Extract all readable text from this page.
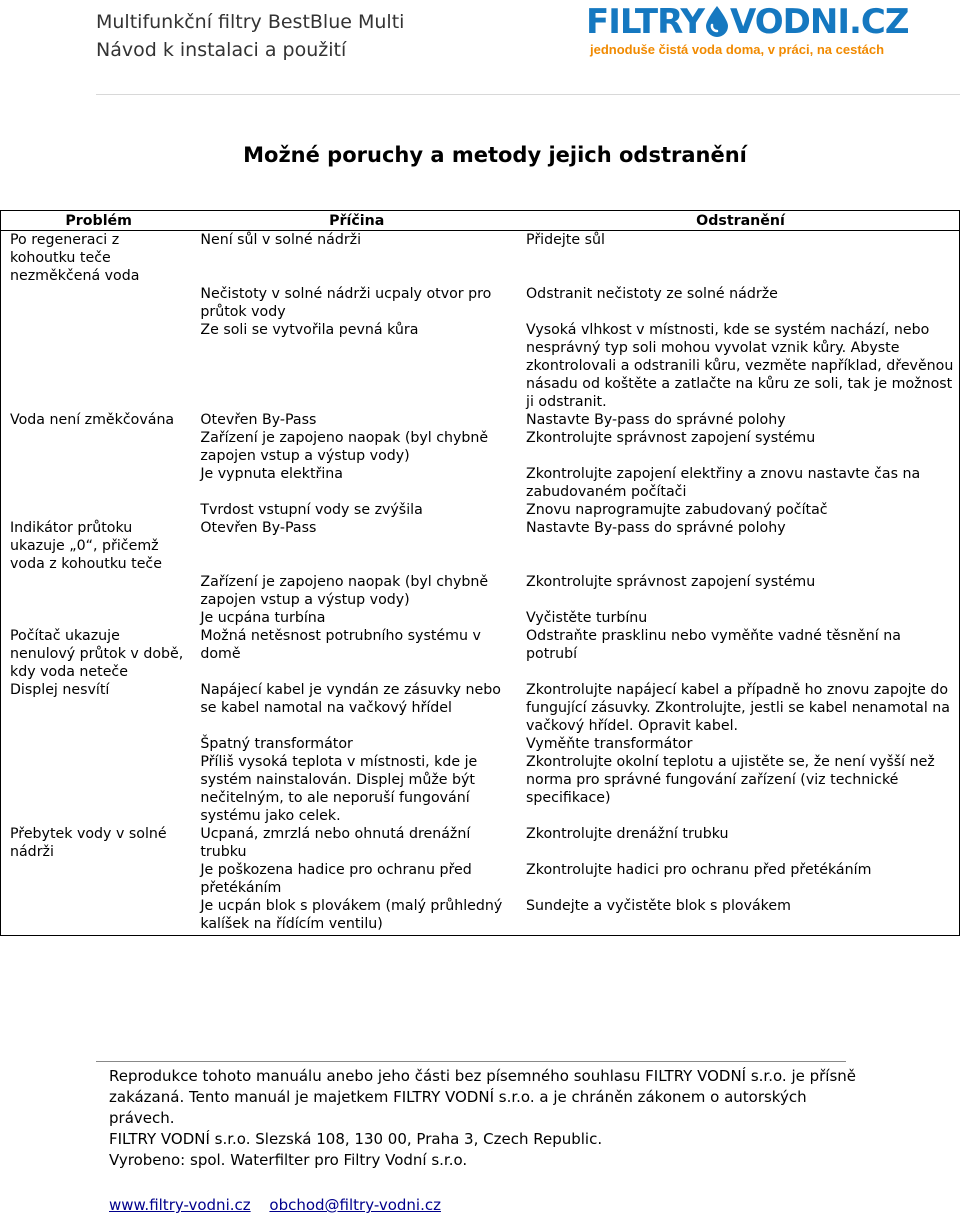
Multifunkční filtry BestBlue Multi
Návod k instalaci a použití
FILTRY VODNI.CZ
jednoduše čistá voda doma, v práci, na cestách
Možné poruchy a metody jejich odstranění
Problém	Příčina	Odstranění
Po regeneraci z kohoutku teče nezměkčená voda	Není sůl v solné nádrži	Přidejte sůl
	Nečistoty v solné nádrži ucpaly otvor pro průtok vody	Odstranit nečistoty ze solné nádrže
	Ze soli se vytvořila pevná kůra	Vysoká vlhkost v místnosti, kde se systém nachází, nebo nesprávný typ soli mohou vyvolat vznik kůry. Abyste zkontrolovali a odstranili kůru, vezměte například, dřevěnou násadu od koštěte a zatlačte na kůru ze soli, tak je možnost ji odstranit.
Voda není změkčována	Otevřen By-Pass	Nastavte By-pass do správné polohy
	Zařízení je zapojeno naopak (byl chybně zapojen vstup a výstup vody)	Zkontrolujte správnost zapojení systému
	Je vypnuta elektřina	Zkontrolujte zapojení elektřiny a znovu nastavte čas na zabudovaném počítači
	Tvrdost vstupní vody se zvýšila	Znovu naprogramujte zabudovaný počítač
Indikátor průtoku ukazuje „0“, přičemž voda z kohoutku teče	Otevřen By-Pass	Nastavte By-pass do správné polohy
	Zařízení je zapojeno naopak (byl chybně zapojen vstup a výstup vody)	Zkontrolujte správnost zapojení systému
	Je ucpána turbína	Vyčistěte turbínu
Počítač ukazuje nenulový průtok v době, kdy voda neteče	Možná netěsnost potrubního systému v domě	Odstraňte prasklinu nebo vyměňte vadné těsnění na potrubí
Displej nesvítí	Napájecí kabel je vyndán ze zásuvky nebo se kabel namotal na vačkový hřídel	Zkontrolujte napájecí kabel a případně ho znovu zapojte do fungující zásuvky. Zkontrolujte, jestli se kabel nenamotal na vačkový hřídel. Opravit kabel.
	Špatný transformátor	Vyměňte transformátor
	Příliš vysoká teplota v místnosti, kde je systém nainstalován. Displej může být nečitelným, to ale neporuší fungování systému jako celek.	Zkontrolujte okolní teplotu a ujistěte se, že není vyšší než norma pro správné fungování zařízení (viz technické specifikace)
Přebytek vody v solné nádrži	Ucpaná, zmrzlá nebo ohnutá drenážní trubku	Zkontrolujte drenážní trubku
	Je poškozena hadice pro ochranu před přetékáním	Zkontrolujte hadici pro ochranu před přetékáním
	Je ucpán blok s plovákem (malý průhledný kalíšek na řídícím ventilu)	Sundejte a vyčistěte blok s plovákem

Reprodukce tohoto manuálu anebo jeho části bez písemného souhlasu FILTRY VODNÍ s.r.o. je přísně zakázaná. Tento manuál je majetkem FILTRY VODNÍ s.r.o. a je chráněn zákonem o autorských právech.

FILTRY VODNÍ s.r.o. Slezská 108, 130 00, Praha 3, Czech Republic.

Vyrobeno: spol. Waterfilter pro Filtry Vodní s.r.o.

www.filtry-vodni.cz obchod@filtry-vodni.cz
